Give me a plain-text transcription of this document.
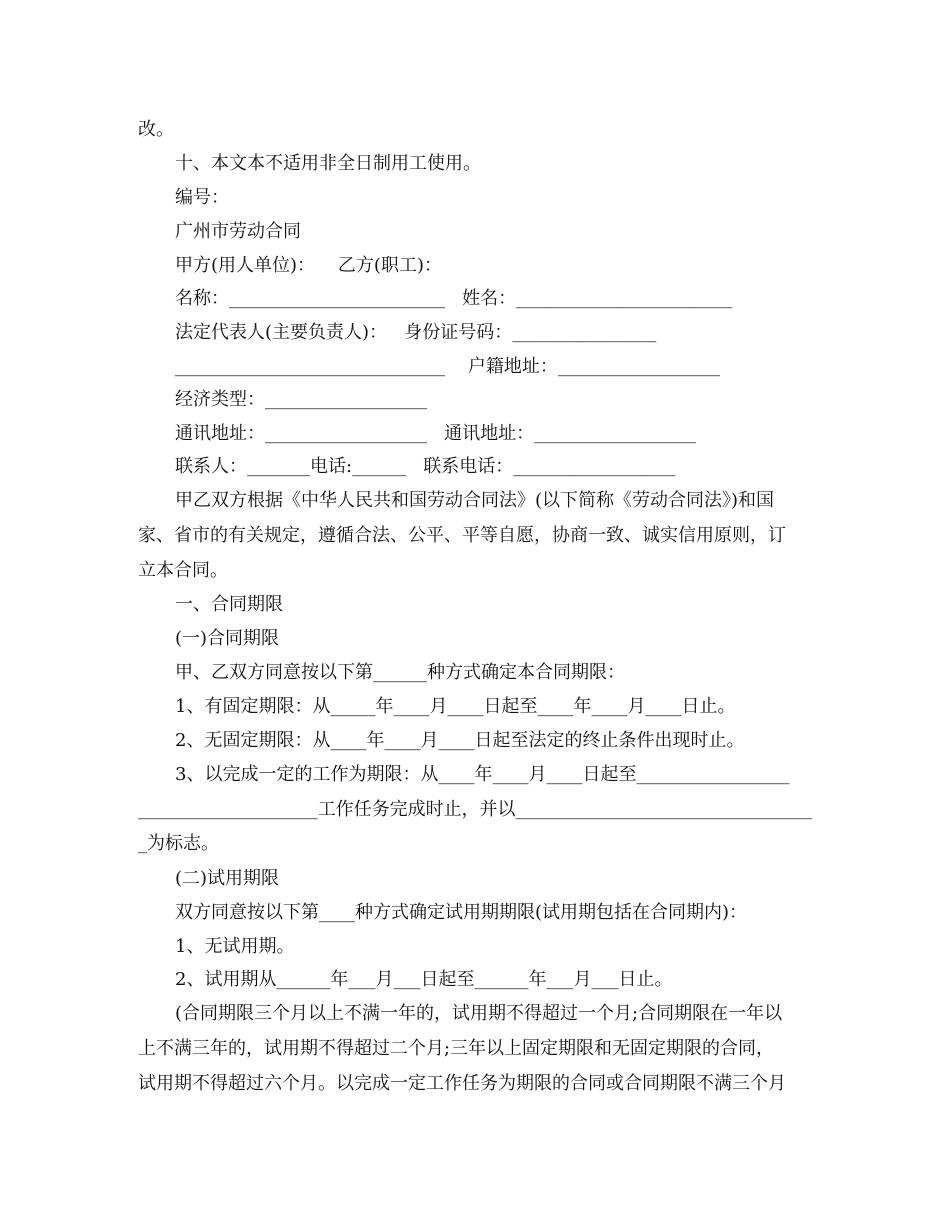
改。
十、本文本不适用非全日制用工使用。
编号：
广州市劳动合同
甲方(用人单位)：    乙方(职工)：
名称：________________________   姓名：________________________
法定代表人(主要负责人)：   身份证号码：________________
______________________________    户籍地址：__________________
经济类型：__________________
通讯地址：__________________   通讯地址：__________________
联系人：_______电话:______   联系电话：__________________
甲乙双方根据《中华人民共和国劳动合同法》(以下简称《劳动合同法》)和国
家、省市的有关规定，遵循合法、公平、平等自愿，协商一致、诚实信用原则，订
立本合同。
一、合同期限
(一)合同期限
甲、乙双方同意按以下第______种方式确定本合同期限：
1、有固定期限：从_____年____月____日起至____年____月____日止。
2、无固定期限：从____年____月____日起至法定的终止条件出现时止。
3、以完成一定的工作为期限：从____年____月____日起至_________________
____________________工作任务完成时止，并以_________________________________
_为标志。
(二)试用期限
双方同意按以下第____种方式确定试用期期限(试用期包括在合同期内)：
1、无试用期。
2、试用期从______年___月___日起至______年___月___日止。
(合同期限三个月以上不满一年的，试用期不得超过一个月;合同期限在一年以
上不满三年的，试用期不得超过二个月;三年以上固定期限和无固定期限的合同，
试用期不得超过六个月。以完成一定工作任务为期限的合同或合同期限不满三个月
